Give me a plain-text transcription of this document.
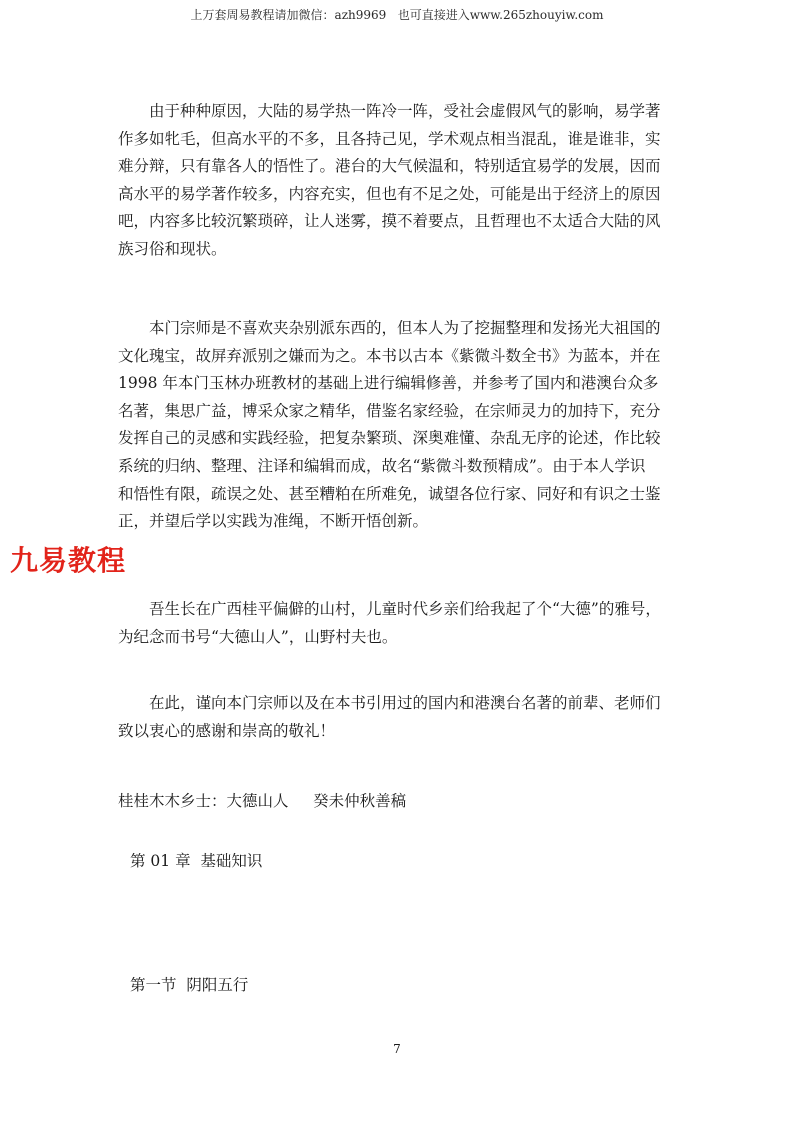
上万套周易教程请加微信：azh9969   也可直接进入www.265zhouyiw.com
由于种种原因，大陆的易学热一阵冷一阵，受社会虚假风气的影响，易学著
作多如牝毛，但高水平的不多，且各持己见，学术观点相当混乱，谁是谁非，实
难分辩，只有靠各人的悟性了。港台的大气候温和，特别适宜易学的发展，因而
高水平的易学著作较多，内容充实，但也有不足之处，可能是出于经济上的原因
吧，内容多比较沉繁琐碎，让人迷雾，摸不着要点，且哲理也不太适合大陆的风
族习俗和现状。
本门宗师是不喜欢夹杂别派东西的，但本人为了挖掘整理和发扬光大祖国的
文化瑰宝，故屏弃派别之嫌而为之。本书以古本《紫微斗数全书》为蓝本，并在
1998 年本门玉林办班教材的基础上进行编辑修善，并参考了国内和港澳台众多
名著，集思广益，博采众家之精华，借鉴名家经验，在宗师灵力的加持下，充分
发挥自己的灵感和实践经验，把复杂繁琐、深奥难懂、杂乱无序的论述，作比较
系统的归纳、整理、注译和编辑而成，故名“紫微斗数预精成”。由于本人学识
和悟性有限，疏误之处、甚至糟粕在所难免，诚望各位行家、同好和有识之士鉴
正，并望后学以实践为准绳，不断开悟创新。
吾生长在广西桂平偏僻的山村，儿童时代乡亲们给我起了个“大德”的雅号，
为纪念而书号“大德山人”，山野村夫也。
在此，谨向本门宗师以及在本书引用过的国内和港澳台名著的前辈、老师们
致以衷心的感谢和崇高的敬礼！
桂桂木木乡士：大德山人     癸未仲秋善稿
第 01 章  基础知识
第一节  阴阳五行
7
九易教程
